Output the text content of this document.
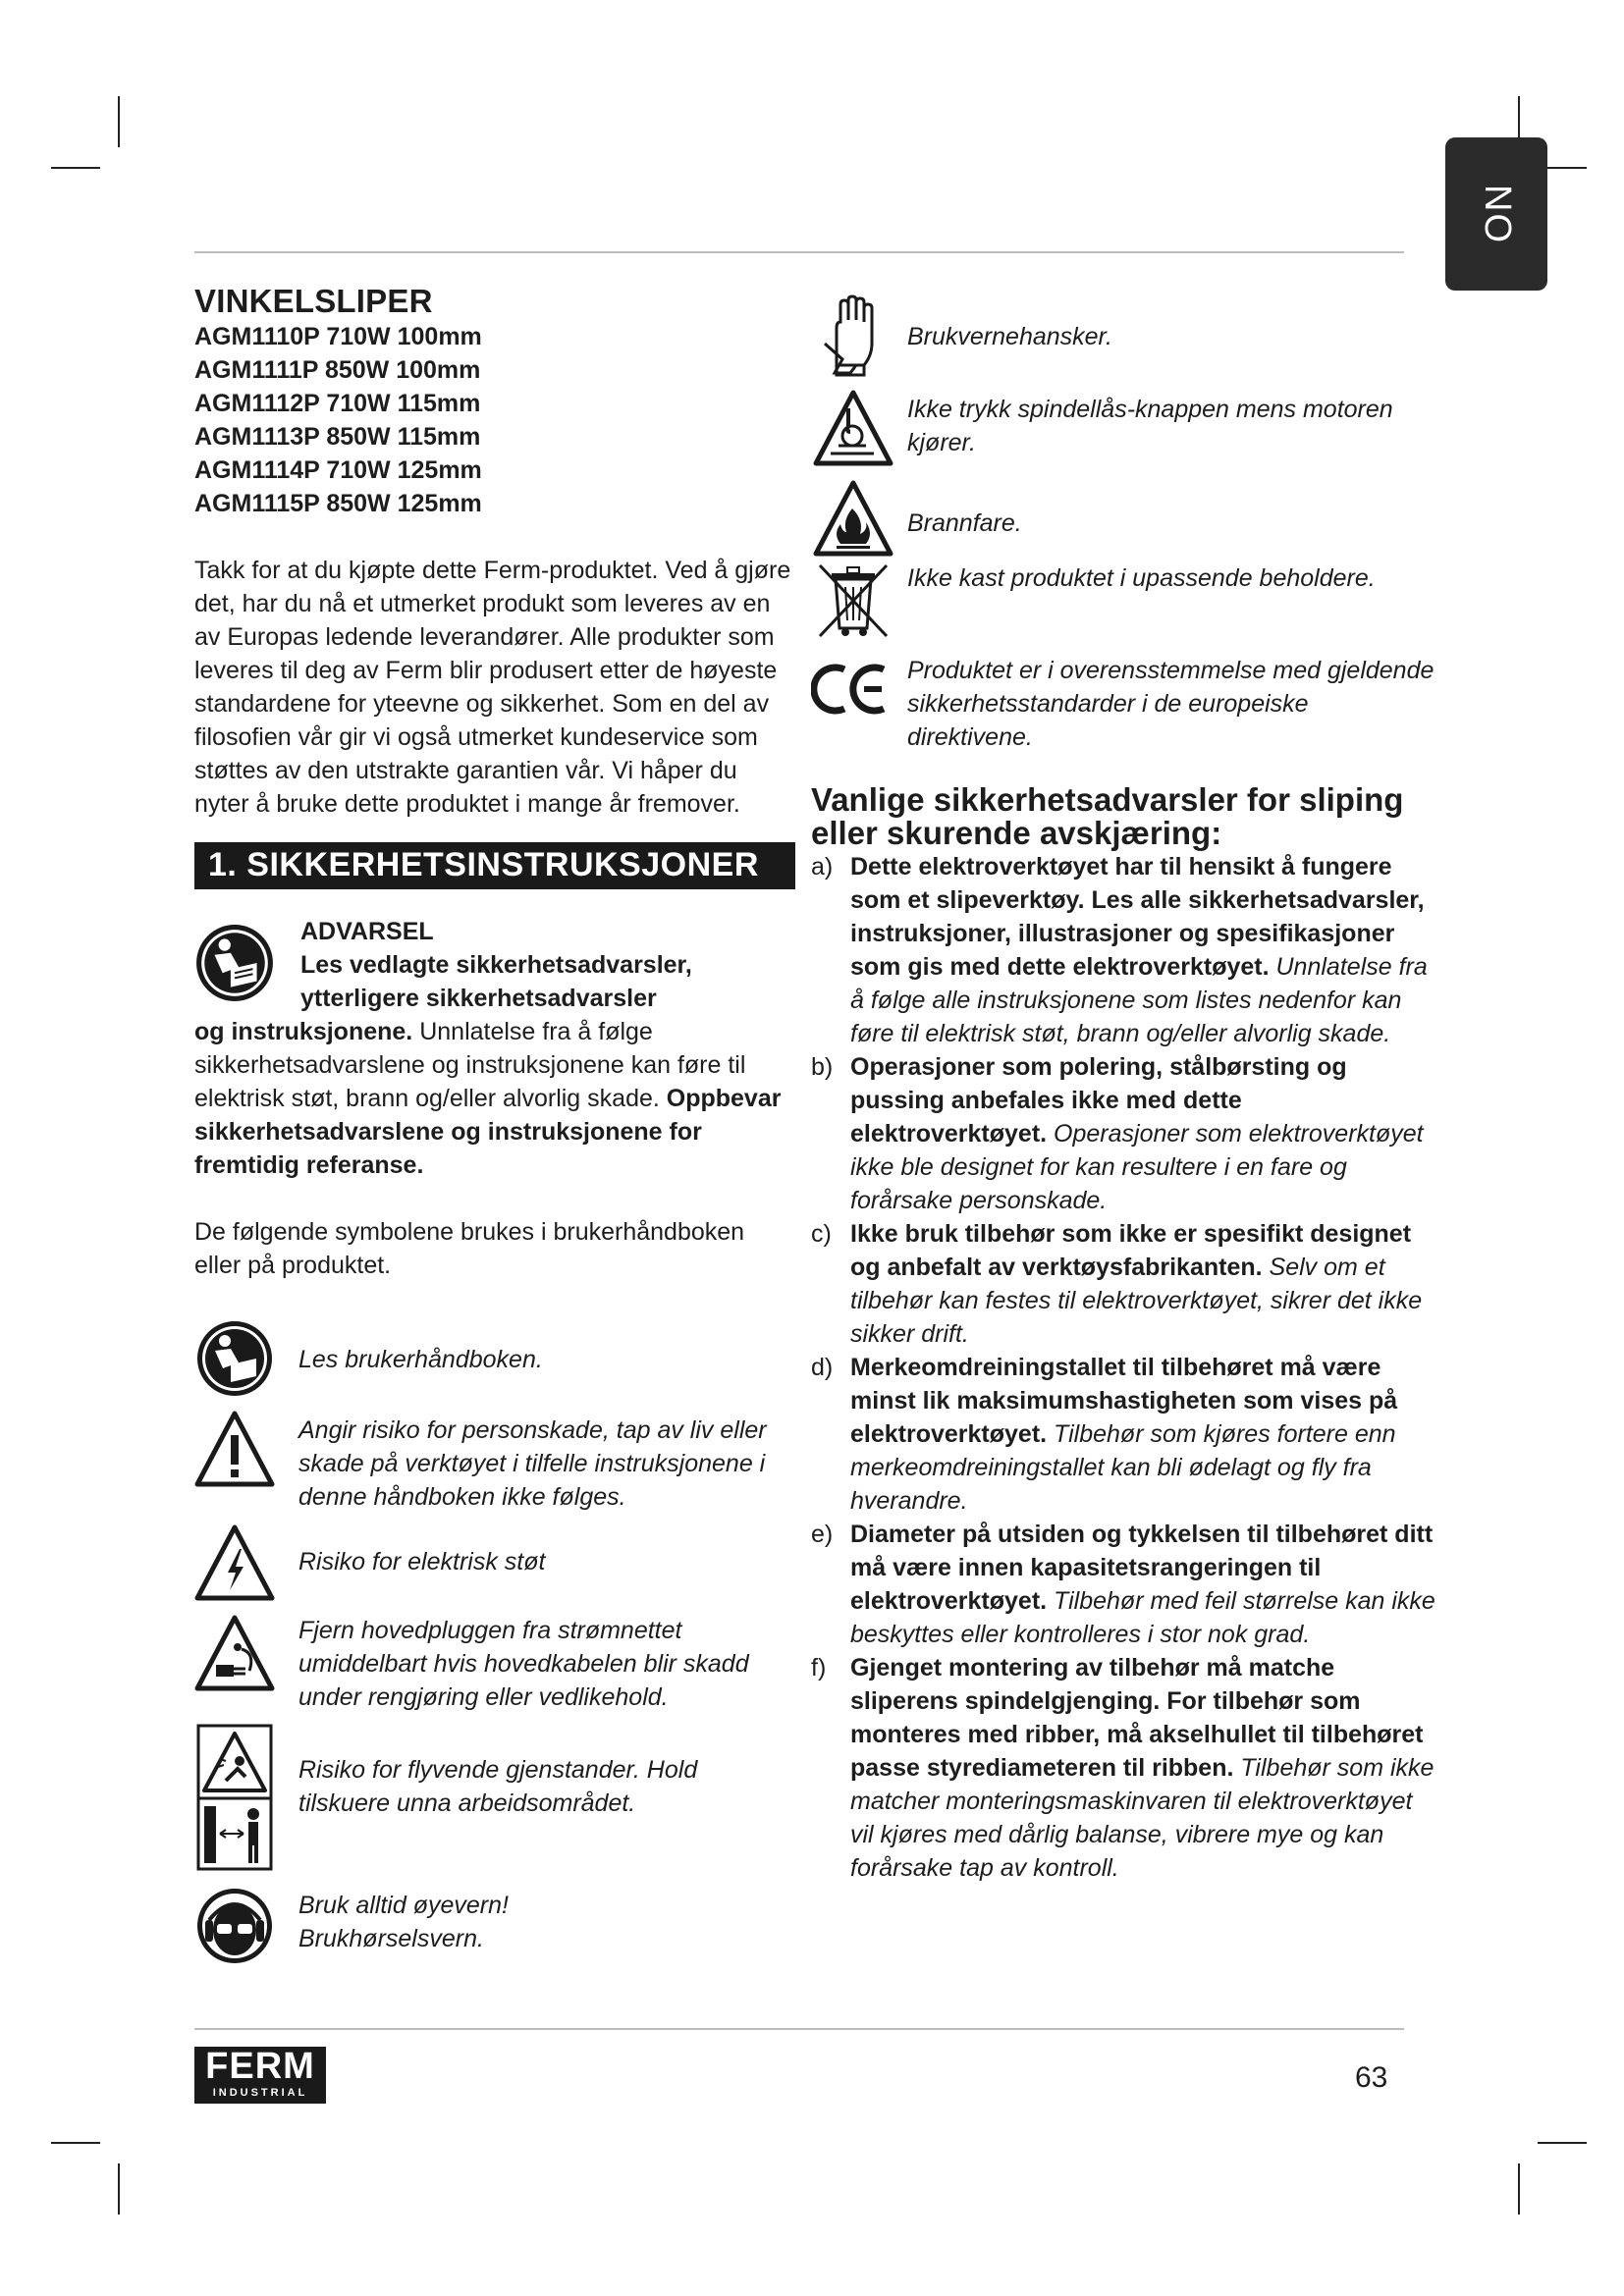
NO
VINKELSLIPER
AGM1110P 710W 100mm
AGM1111P 850W 100mm
AGM1112P 710W 115mm
AGM1113P 850W 115mm
AGM1114P 710W 125mm
AGM1115P 850W 125mm

Takk for at du kjøpte dette Ferm-produktet. Ved å gjøre det, har du nå et utmerket produkt som leveres av en av Europas ledende leverandører. Alle produkter som leveres til deg av Ferm blir produsert etter de høyeste standardene for yteevne og sikkerhet. Som en del av filosofien vår gir vi også utmerket kundeservice som støttes av den utstrakte garantien vår. Vi håper du nyter å bruke dette produktet i mange år fremover.

1. SIKKERHETSINSTRUKSJONER
ADVARSEL
Les vedlagte sikkerhetsadvarsler, ytterligere sikkerhetsadvarsler

og instruksjonene. Unnlatelse fra å følge sikkerhetsadvarslene og instruksjonene kan føre til elektrisk støt, brann og/eller alvorlig skade. Oppbevar sikkerhetsadvarslene og instruksjonene for fremtidig referanse.

De følgende symbolene brukes i brukerhåndboken eller på produktet.

Les brukerhåndboken.
Angir risiko for personskade, tap av liv eller skade på verktøyet i tilfelle instruksjonene i denne håndboken ikke følges.
Risiko for elektrisk støt
Fjern hovedpluggen fra strømnettet umiddelbart hvis hovedkabelen blir skadd under rengjøring eller vedlikehold.
Risiko for flyvende gjenstander. Hold tilskuere unna arbeidsområdet.
Bruk alltid øyevern!
Brukhørselsvern.
Brukvernehansker.
Ikke trykk spindellås-knappen mens motoren kjører.
Brannfare.
Ikke kast produktet i upassende beholdere.
Produktet er i overensstemmelse med gjeldende sikkerhetsstandarder i de europeiske direktivene.
Vanlige sikkerhetsadvarsler for sliping eller skurende avskjæring:
a) Dette elektroverktøyet har til hensikt å fungere som et slipeverktøy. Les alle sikkerhetsadvarsler, instruksjoner, illustrasjoner og spesifikasjoner som gis med dette elektroverktøyet. Unnlatelse fra å følge alle instruksjonene som listes nedenfor kan føre til elektrisk støt, brann og/eller alvorlig skade.
b) Operasjoner som polering, stålbørsting og pussing anbefales ikke med dette elektroverktøyet. Operasjoner som elektroverktøyet ikke ble designet for kan resultere i en fare og forårsake personskade.
c) Ikke bruk tilbehør som ikke er spesifikt designet og anbefalt av verktøysfabrikanten. Selv om et tilbehør kan festes til elektroverktøyet, sikrer det ikke sikker drift.
d) Merkeomdreiningstallet til tilbehøret må være minst lik maksimumshastigheten som vises på elektroverktøyet. Tilbehør som kjøres fortere enn merkeomdreiningstallet kan bli ødelagt og fly fra hverandre.
e) Diameter på utsiden og tykkelsen til tilbehøret ditt må være innen kapasitetsrangeringen til elektroverktøyet. Tilbehør med feil størrelse kan ikke beskyttes eller kontrolleres i stor nok grad.
f) Gjenget montering av tilbehør må matche sliperens spindelgjenging. For tilbehør som monteres med ribber, må akselhullet til tilbehøret passe styrediameteren til ribben. Tilbehør som ikke matcher monteringsmaskinvaren til elektroverktøyet vil kjøres med dårlig balanse, vibrere mye og kan forårsake tap av kontroll.
FERM
INDUSTRIAL	63
